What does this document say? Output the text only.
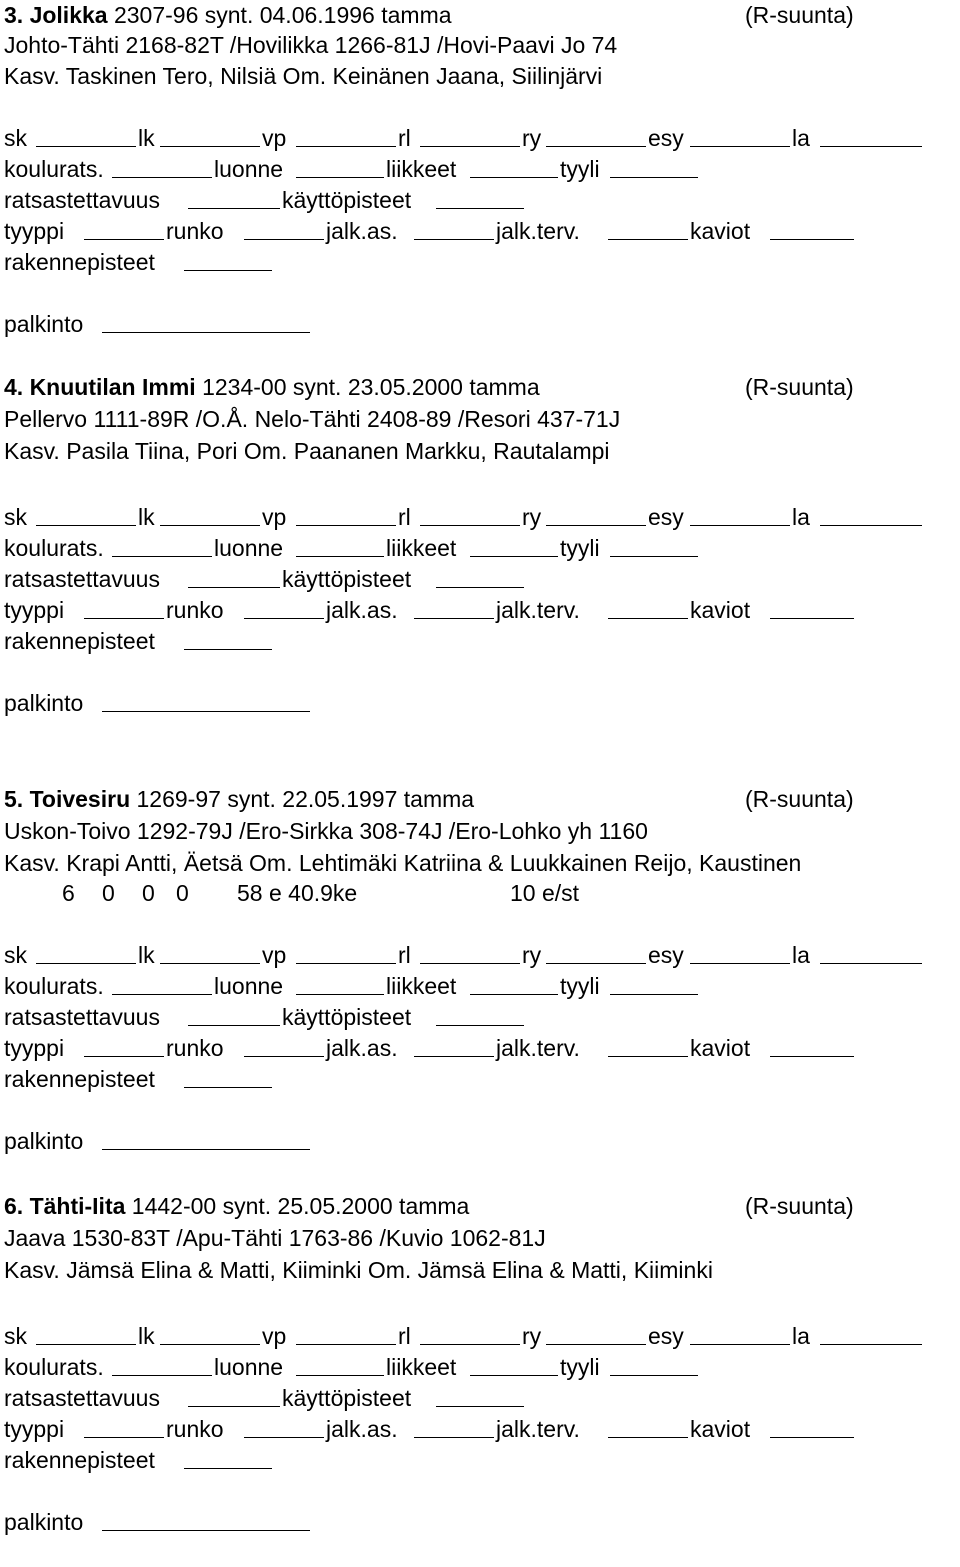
3. Jolikka 2307-96 synt. 04.06.1996 tamma	(R-suunta)
Johto-Tähti 2168-82T /Hovilikka 1266-81J /Hovi-Paavi Jo 74
Kasv. Taskinen Tero, Nilsiä Om. Keinänen Jaana, Siilinjärvi
sk	lk	vp	rl	ry	esy	la
koulurats.	luonne	liikkeet	tyyli
ratsastettavuus	käyttöpisteet
tyyppi	runko	jalk.as.	jalk.terv.	kaviot
rakennepisteet
palkinto
4. Knuutilan Immi 1234-00 synt. 23.05.2000 tamma	(R-suunta)
Pellervo 1111-89R /O.Å. Nelo-Tähti 2408-89 /Resori 437-71J
Kasv. Pasila Tiina, Pori Om. Paananen Markku, Rautalampi
sk	lk	vp	rl	ry	esy	la
koulurats.	luonne	liikkeet	tyyli
ratsastettavuus	käyttöpisteet
tyyppi	runko	jalk.as.	jalk.terv.	kaviot
rakennepisteet
palkinto
5. Toivesiru 1269-97 synt. 22.05.1997 tamma	(R-suunta)
Uskon-Toivo 1292-79J /Ero-Sirkka 308-74J /Ero-Lohko yh 1160
Kasv. Krapi Antti, Äetsä Om. Lehtimäki Katriina & Luukkainen Reijo, Kaustinen
6 0 0 0 58 e 40.9ke	10 e/st
sk	lk	vp	rl	ry	esy	la
koulurats.	luonne	liikkeet	tyyli
ratsastettavuus	käyttöpisteet
tyyppi	runko	jalk.as.	jalk.terv.	kaviot
rakennepisteet
palkinto
6. Tähti-Iita 1442-00 synt. 25.05.2000 tamma	(R-suunta)
Jaava 1530-83T /Apu-Tähti 1763-86 /Kuvio 1062-81J
Kasv. Jämsä Elina & Matti, Kiiminki Om. Jämsä Elina & Matti, Kiiminki
sk	lk	vp	rl	ry	esy	la
koulurats.	luonne	liikkeet	tyyli
ratsastettavuus	käyttöpisteet
tyyppi	runko	jalk.as.	jalk.terv.	kaviot
rakennepisteet
palkinto
